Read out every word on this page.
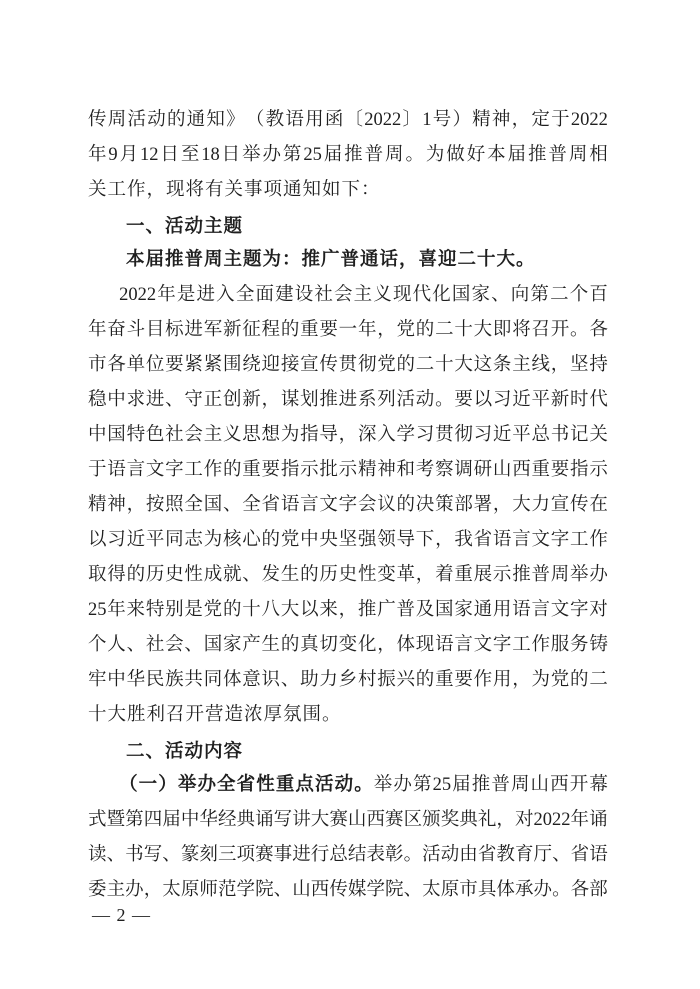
传 周 活 动 的 通 知 》 （ 教 语 用 函 〔 2022 〕 1 号 ） 精 神 ， 定 于 2022
年 9 月 12 日 至 18 日 举 办 第 25 届 推 普 周 。 为 做 好 本 届 推 普 周 相
关工作，现将有关事项通知如下：
一、活动主题
本届推普周主题为：推广普通话，喜迎二十大。
2022 年 是 进 入 全 面 建 设 社 会 主 义 现 代 化 国 家 、 向 第 二 个 百
年 奋 斗 目 标 进 军 新 征 程 的 重 要 一 年 ， 党 的 二 十 大 即 将 召 开 。 各
市 各 单 位 要 紧 紧 围 绕 迎 接 宣 传 贯 彻 党 的 二 十 大 这 条 主 线 ， 坚 持
稳 中 求 进 、 守 正 创 新 ， 谋 划 推 进 系 列 活 动 。 要 以 习 近 平 新 时 代
中 国 特 色 社 会 主 义 思 想 为 指 导 ， 深 入 学 习 贯 彻 习 近 平 总 书 记 关
于 语 言 文 字 工 作 的 重 要 指 示 批 示 精 神 和 考 察 调 研 山 西 重 要 指 示
精 神 ， 按 照 全 国 、 全 省 语 言 文 字 会 议 的 决 策 部 署 ， 大 力 宣 传 在
以 习 近 平 同 志 为 核 心 的 党 中 央 坚 强 领 导 下 ， 我 省 语 言 文 字 工 作
取 得 的 历 史 性 成 就 、 发 生 的 历 史 性 变 革 ， 着 重 展 示 推 普 周 举 办
25 年 来 特 别 是 党 的 十 八 大 以 来 ， 推 广 普 及 国 家 通 用 语 言 文 字 对
个 人 、 社 会 、 国 家 产 生 的 真 切 变 化 ， 体 现 语 言 文 字 工 作 服 务 铸
牢 中 华 民 族 共 同 体 意 识 、 助 力 乡 村 振 兴 的 重 要 作 用 ， 为 党 的 二
十大胜利召开营造浓厚氛围。
二、活动内容
（ 一 ） 举 办 全 省 性 重 点 活 动 。 举 办 第 25 届 推 普 周 山 西 开 幕
式 暨 第 四 届 中 华 经 典 诵 写 讲 大 赛 山 西 赛 区 颁 奖 典 礼 ， 对 2022 年 诵
读 、 书 写 、 篆 刻 三 项 赛 事 进 行 总 结 表 彰 。 活 动 由 省 教 育 厅 、 省 语
委 主 办 ， 太 原 师 范 学 院 、 山 西 传 媒 学 院 、 太 原 市 具 体 承 办 。 各 部
— 2 —
